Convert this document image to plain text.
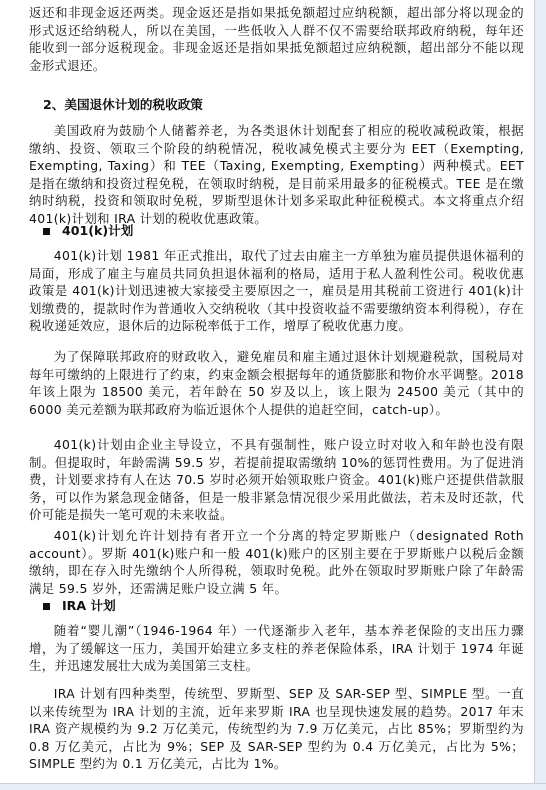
返还和非现金返还两类。现金返还是指如果抵免额超过应纳税额，超出部分将以现金的形式返还给纳税人，所以在美国，一些低收入人群不仅不需要给联邦政府纳税，每年还能收到一部分返税现金。非现金返还是指如果抵免额超过应纳税额，超出部分不能以现金形式退还。
2、美国退休计划的税收政策
美国政府为鼓励个人储蓄养老，为各类退休计划配套了相应的税收减税政策，根据缴纳、投资、领取三个阶段的纳税情况，税收减免模式主要分为 EET（Exempting, Exempting, Taxing）和 TEE（Taxing, Exempting, Exempting）两种模式。EET 是指在缴纳和投资过程免税，在领取时纳税，是目前采用最多的征税模式。TEE 是在缴纳时纳税，投资和领取时免税，罗斯型退休计划多采取此种征税模式。本文将重点介绍 401(k)计划和 IRA 计划的税收优惠政策。
401(k)计划
401(k)计划 1981 年正式推出，取代了过去由雇主一方单独为雇员提供退休福利的局面，形成了雇主与雇员共同负担退休福利的格局，适用于私人盈利性公司。税收优惠政策是 401(k)计划迅速被大家接受主要原因之一，雇员是用其税前工资进行 401(k)计划缴费的，提款时作为普通收入交纳税收（其中投资收益不需要缴纳资本利得税），存在税收递延效应，退休后的边际税率低于工作，增厚了税收优惠力度。
为了保障联邦政府的财政收入，避免雇员和雇主通过退休计划规避税款，国税局对每年可缴纳的上限进行了约束，约束金额会根据每年的通货膨胀和物价水平调整。2018 年该上限为 18500 美元，若年龄在 50 岁及以上，该上限为 24500 美元（其中的 6000 美元差额为联邦政府为临近退休个人提供的追赶空间，catch-up）。
401(k)计划由企业主导设立，不具有强制性，账户设立时对收入和年龄也没有限制。但提取时，年龄需满 59.5 岁，若提前提取需缴纳 10%的惩罚性费用。为了促进消费，计划要求持有人在达 70.5 岁时必须开始领取账户资金。401(k)账户还提供借款服务，可以作为紧急现金储备，但是一般非紧急情况很少采用此做法，若未及时还款，代价可能是损失一笔可观的未来收益。
401(k)计划允许计划持有者开立一个分离的特定罗斯账户（designated Roth account）。罗斯 401(k)账户和一般 401(k)账户的区别主要在于罗斯账户以税后金额缴纳，即在存入时先缴纳个人所得税，领取时免税。此外在领取时罗斯账户除了年龄需满足 59.5 岁外，还需满足账户设立满 5 年。
IRA 计划
随着“婴儿潮”（1946-1964 年）一代逐渐步入老年，基本养老保险的支出压力骤增，为了缓解这一压力，美国开始建立多支柱的养老保险体系，IRA 计划于 1974 年诞生，并迅速发展壮大成为美国第三支柱。
IRA 计划有四种类型，传统型、罗斯型、SEP 及 SAR-SEP 型、SIMPLE 型。一直以来传统型为 IRA 计划的主流，近年来罗斯 IRA 也呈现快速发展的趋势。2017 年末 IRA 资产规模约为 9.2 万亿美元，传统型约为 7.9 万亿美元，占比 85%；罗斯型约为 0.8 万亿美元，占比为 9%；SEP 及 SAR-SEP 型约为 0.4 万亿美元，占比为 5%；SIMPLE 型约为 0.1 万亿美元，占比为 1%。
